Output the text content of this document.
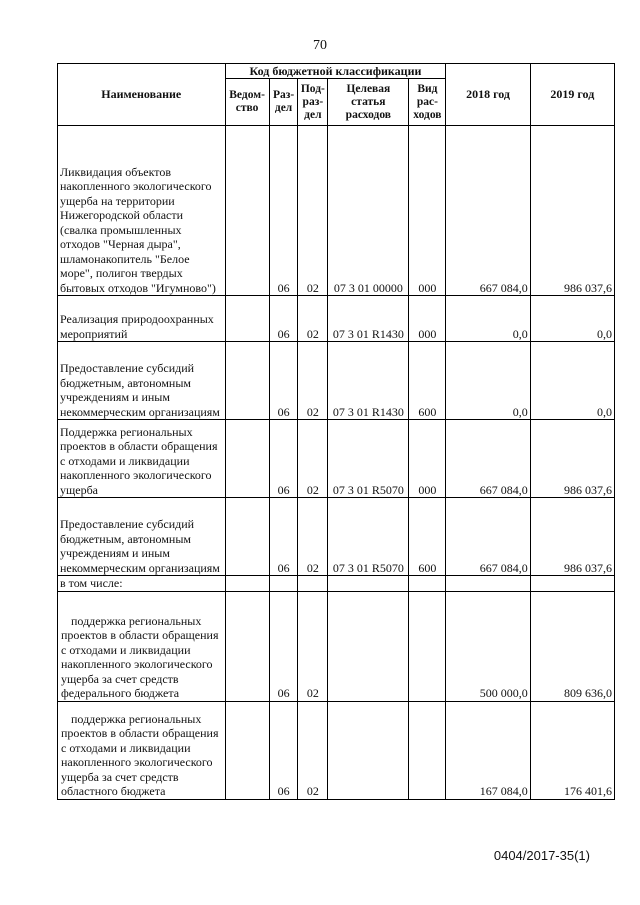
70
Наименование	Код бюджетной классификации					2018 год	2019 год
	Ведом-ство	Раз-дел	Под-раз-дел	Целевая статья расходов	Вид рас-ходов		
Ликвидация объектов накопленного экологического ущерба на территории Нижегородской области (свалка промышленных отходов "Черная дыра", шламонакопитель "Белое море", полигон твердых бытовых отходов "Игумново")		06	02	07 3 01 00000	000	667 084,0	986 037,6
Реализация природоохранных мероприятий		06	02	07 3 01 R1430	000	0,0	0,0
Предоставление субсидий бюджетным, автономным учреждениям и иным некоммерческим организациям		06	02	07 3 01 R1430	600	0,0	0,0
Поддержка региональных проектов в области обращения с отходами и ликвидации накопленного экологического ущерба		06	02	07 3 01 R5070	000	667 084,0	986 037,6
Предоставление субсидий бюджетным, автономным учреждениям и иным некоммерческим организациям		06	02	07 3 01 R5070	600	667 084,0	986 037,6
в том числе:							
поддержка региональных проектов в области обращения с отходами и ликвидации накопленного экологического ущерба за счет средств федерального бюджета		06	02			500 000,0	809 636,0
поддержка региональных проектов в области обращения с отходами и ликвидации накопленного экологического ущерба за счет средств областного бюджета		06	02			167 084,0	176 401,6
0404/2017-35(1)
